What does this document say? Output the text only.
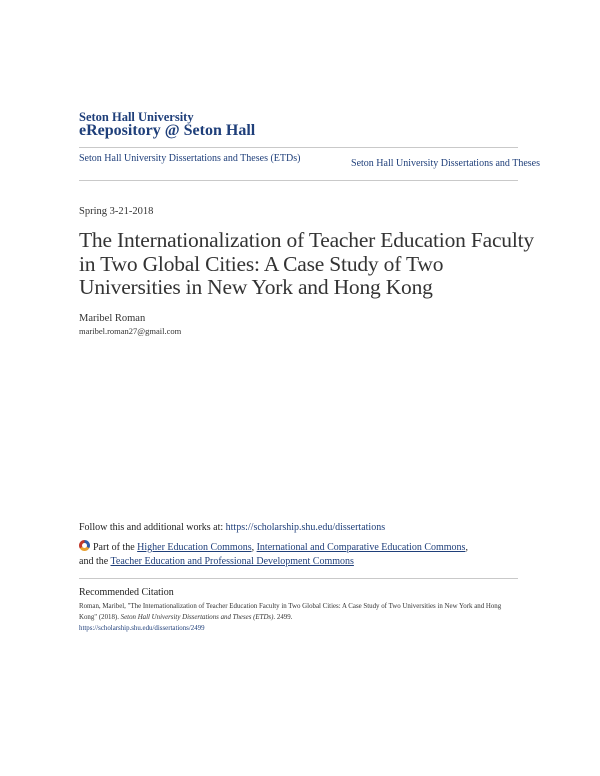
Seton Hall University
eRepository @ Seton Hall
Seton Hall University Dissertations and Theses (ETDs)	Seton Hall University Dissertations and Theses
Spring 3-21-2018
The Internationalization of Teacher Education Faculty in Two Global Cities: A Case Study of Two Universities in New York and Hong Kong
Maribel Roman
maribel.roman27@gmail.com
Follow this and additional works at: https://scholarship.shu.edu/dissertations
Part of the Higher Education Commons, International and Comparative Education Commons,
and the Teacher Education and Professional Development Commons
Recommended Citation
Roman, Maribel, "The Internationalization of Teacher Education Faculty in Two Global Cities: A Case Study of Two Universities in New York and Hong Kong" (2018). Seton Hall University Dissertations and Theses (ETDs). 2499.
https://scholarship.shu.edu/dissertations/2499
